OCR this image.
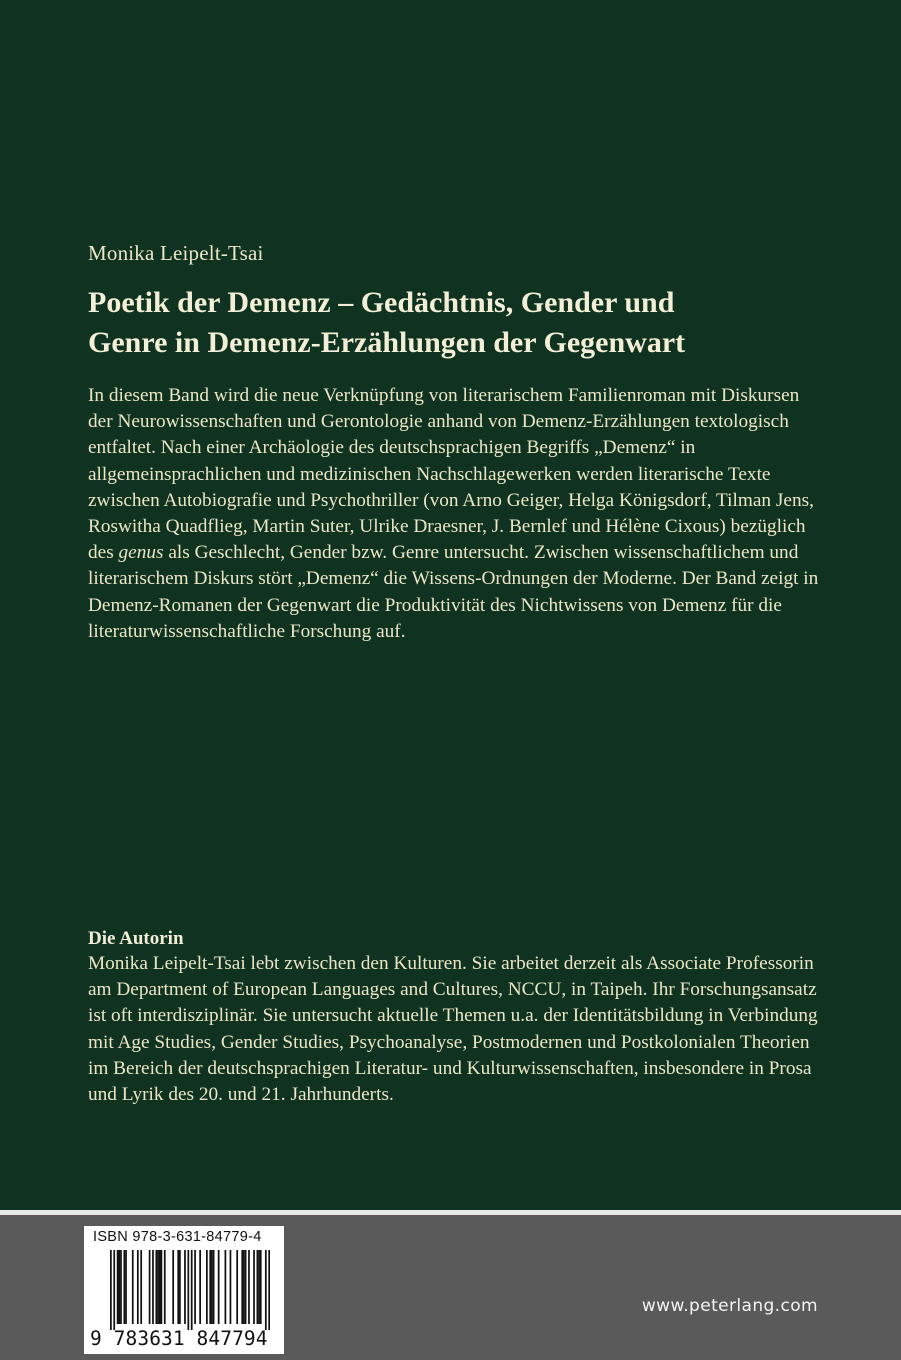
Monika Leipelt-Tsai

Poetik der Demenz – Gedächtnis, Gender und
Genre in Demenz-Erzählungen der Gegenwart

In diesem Band wird die neue Verknüpfung von literarischem Familienroman mit Diskursen der Neurowissenschaften und Gerontologie anhand von Demenz-Erzählungen textologisch entfaltet. Nach einer Archäologie des deutschsprachigen Begriffs „Demenz“ in allgemeinsprachlichen und medizinischen Nachschlagewerken werden literarische Texte zwischen Autobiografie und Psychothriller (von Arno Geiger, Helga Königsdorf, Tilman Jens, Roswitha Quadflieg, Martin Suter, Ulrike Draesner, J. Bernlef und Hélène Cixous) bezüglich des genus als Geschlecht, Gender bzw. Genre untersucht. Zwischen wissenschaftlichem und literarischem Diskurs stört „Demenz“ die Wissens-Ordnungen der Moderne. Der Band zeigt in Demenz-Romanen der Gegenwart die Produktivität des Nichtwissens von Demenz für die literaturwissenschaftliche Forschung auf.

Die Autorin

Monika Leipelt-Tsai lebt zwischen den Kulturen. Sie arbeitet derzeit als Associate Professorin am Department of European Languages and Cultures, NCCU, in Taipeh. Ihr Forschungsansatz ist oft interdisziplinär. Sie untersucht aktuelle Themen u.a. der Identitätsbildung in Verbindung mit Age Studies, Gender Studies, Psychoanalyse, Postmodernen und Postkolonialen Theorien im Bereich der deutschsprachigen Literatur- und Kulturwissenschaften, insbesondere in Prosa und Lyrik des 20. und 21. Jahrhunderts.

ISBN 978-3-631-84779-4

9 783631 847794

www.peterlang.com
